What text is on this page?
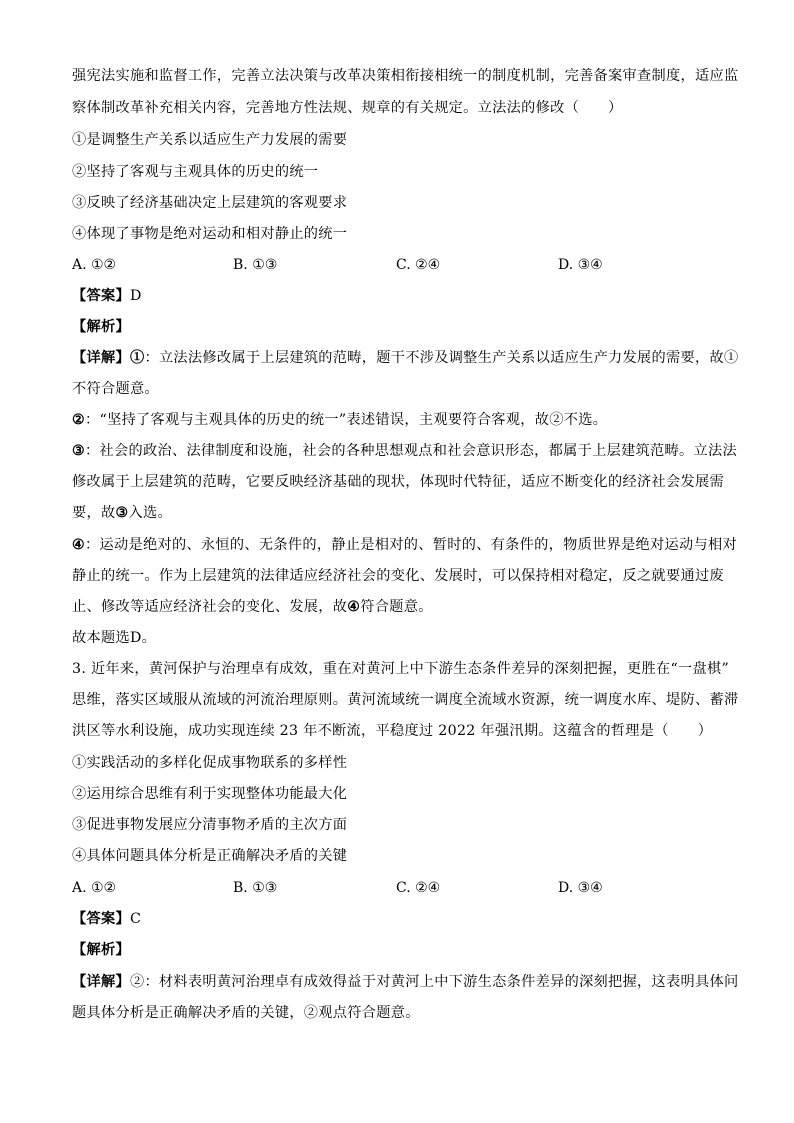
强宪法实施和监督工作，完善立法决策与改革决策相衔接相统一的制度机制，完善备案审查制度，适应监
察体制改革补充相关内容，完善地方性法规、规章的有关规定。立法法的修改（　　）
①是调整生产关系以适应生产力发展的需要
②坚持了客观与主观具体的历史的统一
③反映了经济基础决定上层建筑的客观要求
④体现了事物是绝对运动和相对静止的统一
A. ①②	B. ①③	C. ②④	D. ③④
【答案】D
【解析】
【详解】①：立法法修改属于上层建筑的范畴，题干不涉及调整生产关系以适应生产力发展的需要，故①
不符合题意。
②：“坚持了客观与主观具体的历史的统一”表述错误，主观要符合客观，故②不选。
③：社会的政治、法律制度和设施，社会的各种思想观点和社会意识形态，都属于上层建筑范畴。立法法
修改属于上层建筑的范畴，它要反映经济基础的现状，体现时代特征，适应不断变化的经济社会发展需
要，故③入选。
④：运动是绝对的、永恒的、无条件的，静止是相对的、暂时的、有条件的，物质世界是绝对运动与相对
静止的统一。作为上层建筑的法律适应经济社会的变化、发展时，可以保持相对稳定，反之就要通过废
止、修改等适应经济社会的变化、发展，故④符合题意。
故本题选D。
3. 近年来，黄河保护与治理卓有成效，重在对黄河上中下游生态条件差异的深刻把握，更胜在“一盘棋”
思维，落实区域服从流域的河流治理原则。黄河流域统一调度全流域水资源，统一调度水库、堤防、蓄滞
洪区等水利设施，成功实现连续 23 年不断流，平稳度过 2022 年强汛期。这蕴含的哲理是（　　）
①实践活动的多样化促成事物联系的多样性
②运用综合思维有利于实现整体功能最大化
③促进事物发展应分清事物矛盾的主次方面
④具体问题具体分析是正确解决矛盾的关键
A. ①②	B. ①③	C. ②④	D. ③④
【答案】C
【解析】
【详解】②：材料表明黄河治理卓有成效得益于对黄河上中下游生态条件差异的深刻把握，这表明具体问
题具体分析是正确解决矛盾的关键，②观点符合题意。
